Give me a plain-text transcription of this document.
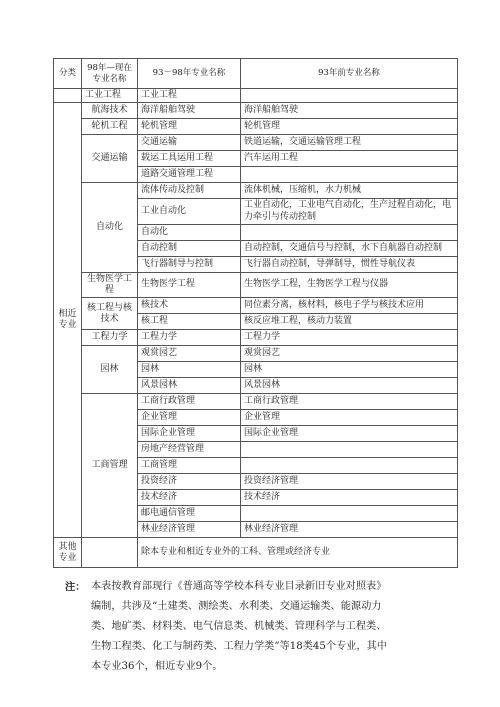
分类	98年—现在专业名称	93－98年专业名称	93年前专业名称
	工业工程	工业工程	
相近专业	航海技术	海洋船舶驾驶	海洋船舶驾驶
	轮机工程	轮机管理	轮机管理
	交通运输	交通运输	铁道运输，交通运输管理工程
		载运工具运用工程	汽车运用工程
		道路交通管理工程	
	自动化	流体传动及控制	流体机械，压缩机，水力机械
		工业自动化	工业自动化，工业电气自动化，生产过程自动化，电力牵引与传动控制
		自动化	
		自动控制	自动控制，交通信号与控制，水下自航器自动控制
		飞行器制导与控制	飞行器自动控制，导弹制导，惯性导航仪表
	生物医学工程	生物医学工程	生物医学工程，生物医学工程与仪器
	核工程与核技术	核技术	同位素分离，核材料，核电子学与核技术应用
		核工程	核反应堆工程，核动力装置
	工程力学	工程力学	工程力学
	园林	观赏园艺	观赏园艺
		园林	园林
		风景园林	风景园林
	工商管理	工商行政管理	工商行政管理
		企业管理	企业管理
		国际企业管理	国际企业管理
		房地产经营管理	
		工商管理	
		投资经济	投资经济管理
		技术经济	技术经济
		邮电通信管理	
		林业经济管理	林业经济管理
其他专业		除本专业和相近专业外的工科、管理或经济专业	
注： 本表按教育部现行《普通高等学校本科专业目录新旧专业对照表》
编制，共涉及“土建类、测绘类、水利类、交通运输类、能源动力
类、地矿类、材料类、电气信息类、机械类、管理科学与工程类、
生物工程类、化工与制药类、工程力学类”等18类45个专业，其中
本专业36个，相近专业9个。
